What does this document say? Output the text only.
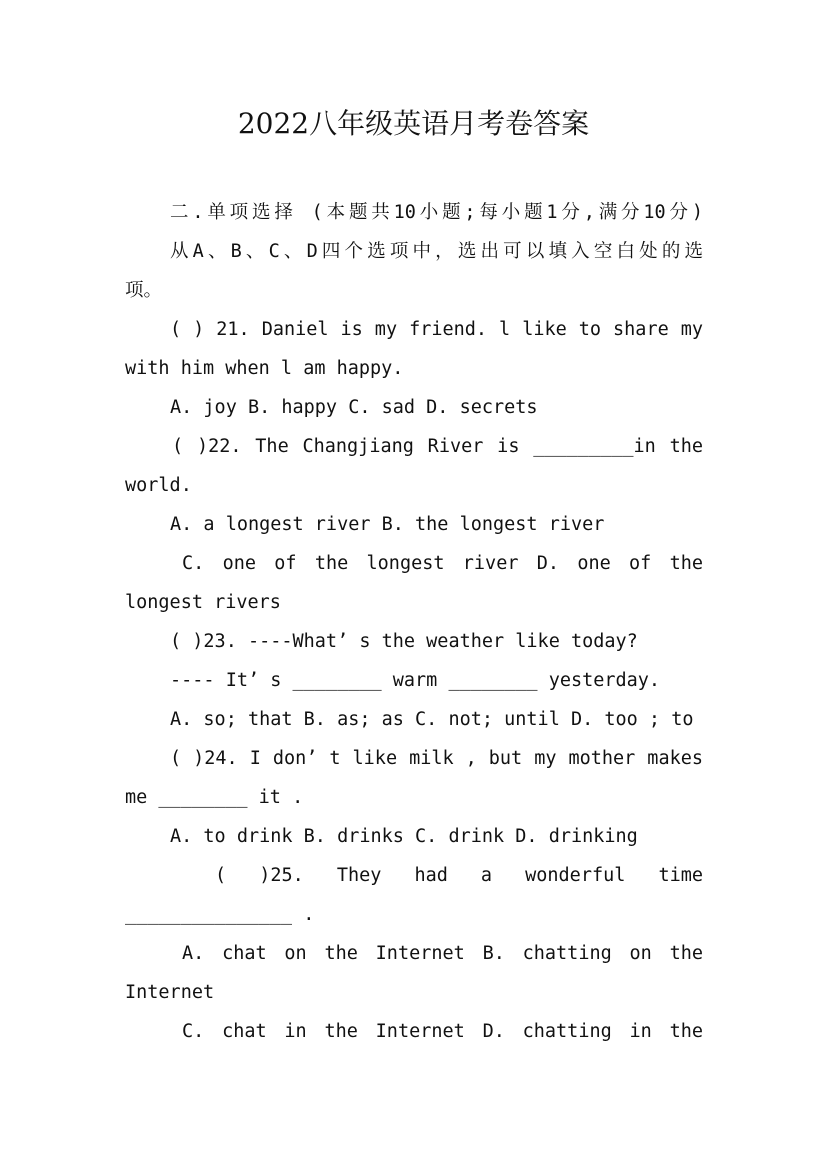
2022八年级英语月考卷答案

二.单项选择 (本题共10小题;每小题1分,满分10分)

从A、B、C、D四个选项中，选出可以填入空白处的选

项。

( ) 21. Daniel is my friend. l like to share my

with him when l am happy.

A. joy B. happy C. sad D. secrets

( )22. The Changjiang River is _________in the

world.

A. a longest river B. the longest river

C. one of the longest river D. one of the

longest rivers

( )23. ----What’ s the weather like today?

---- It’ s ________ warm ________ yesterday.

A. so; that B. as; as C. not; until D. too ; to

( )24. I don’ t like milk , but my mother makes

me ________ it .

A. to drink B. drinks C. drink D. drinking

( )25. They had a wonderful time

_______________ .

A. chat on the Internet B. chatting on the

Internet

C. chat in the Internet D. chatting in the
